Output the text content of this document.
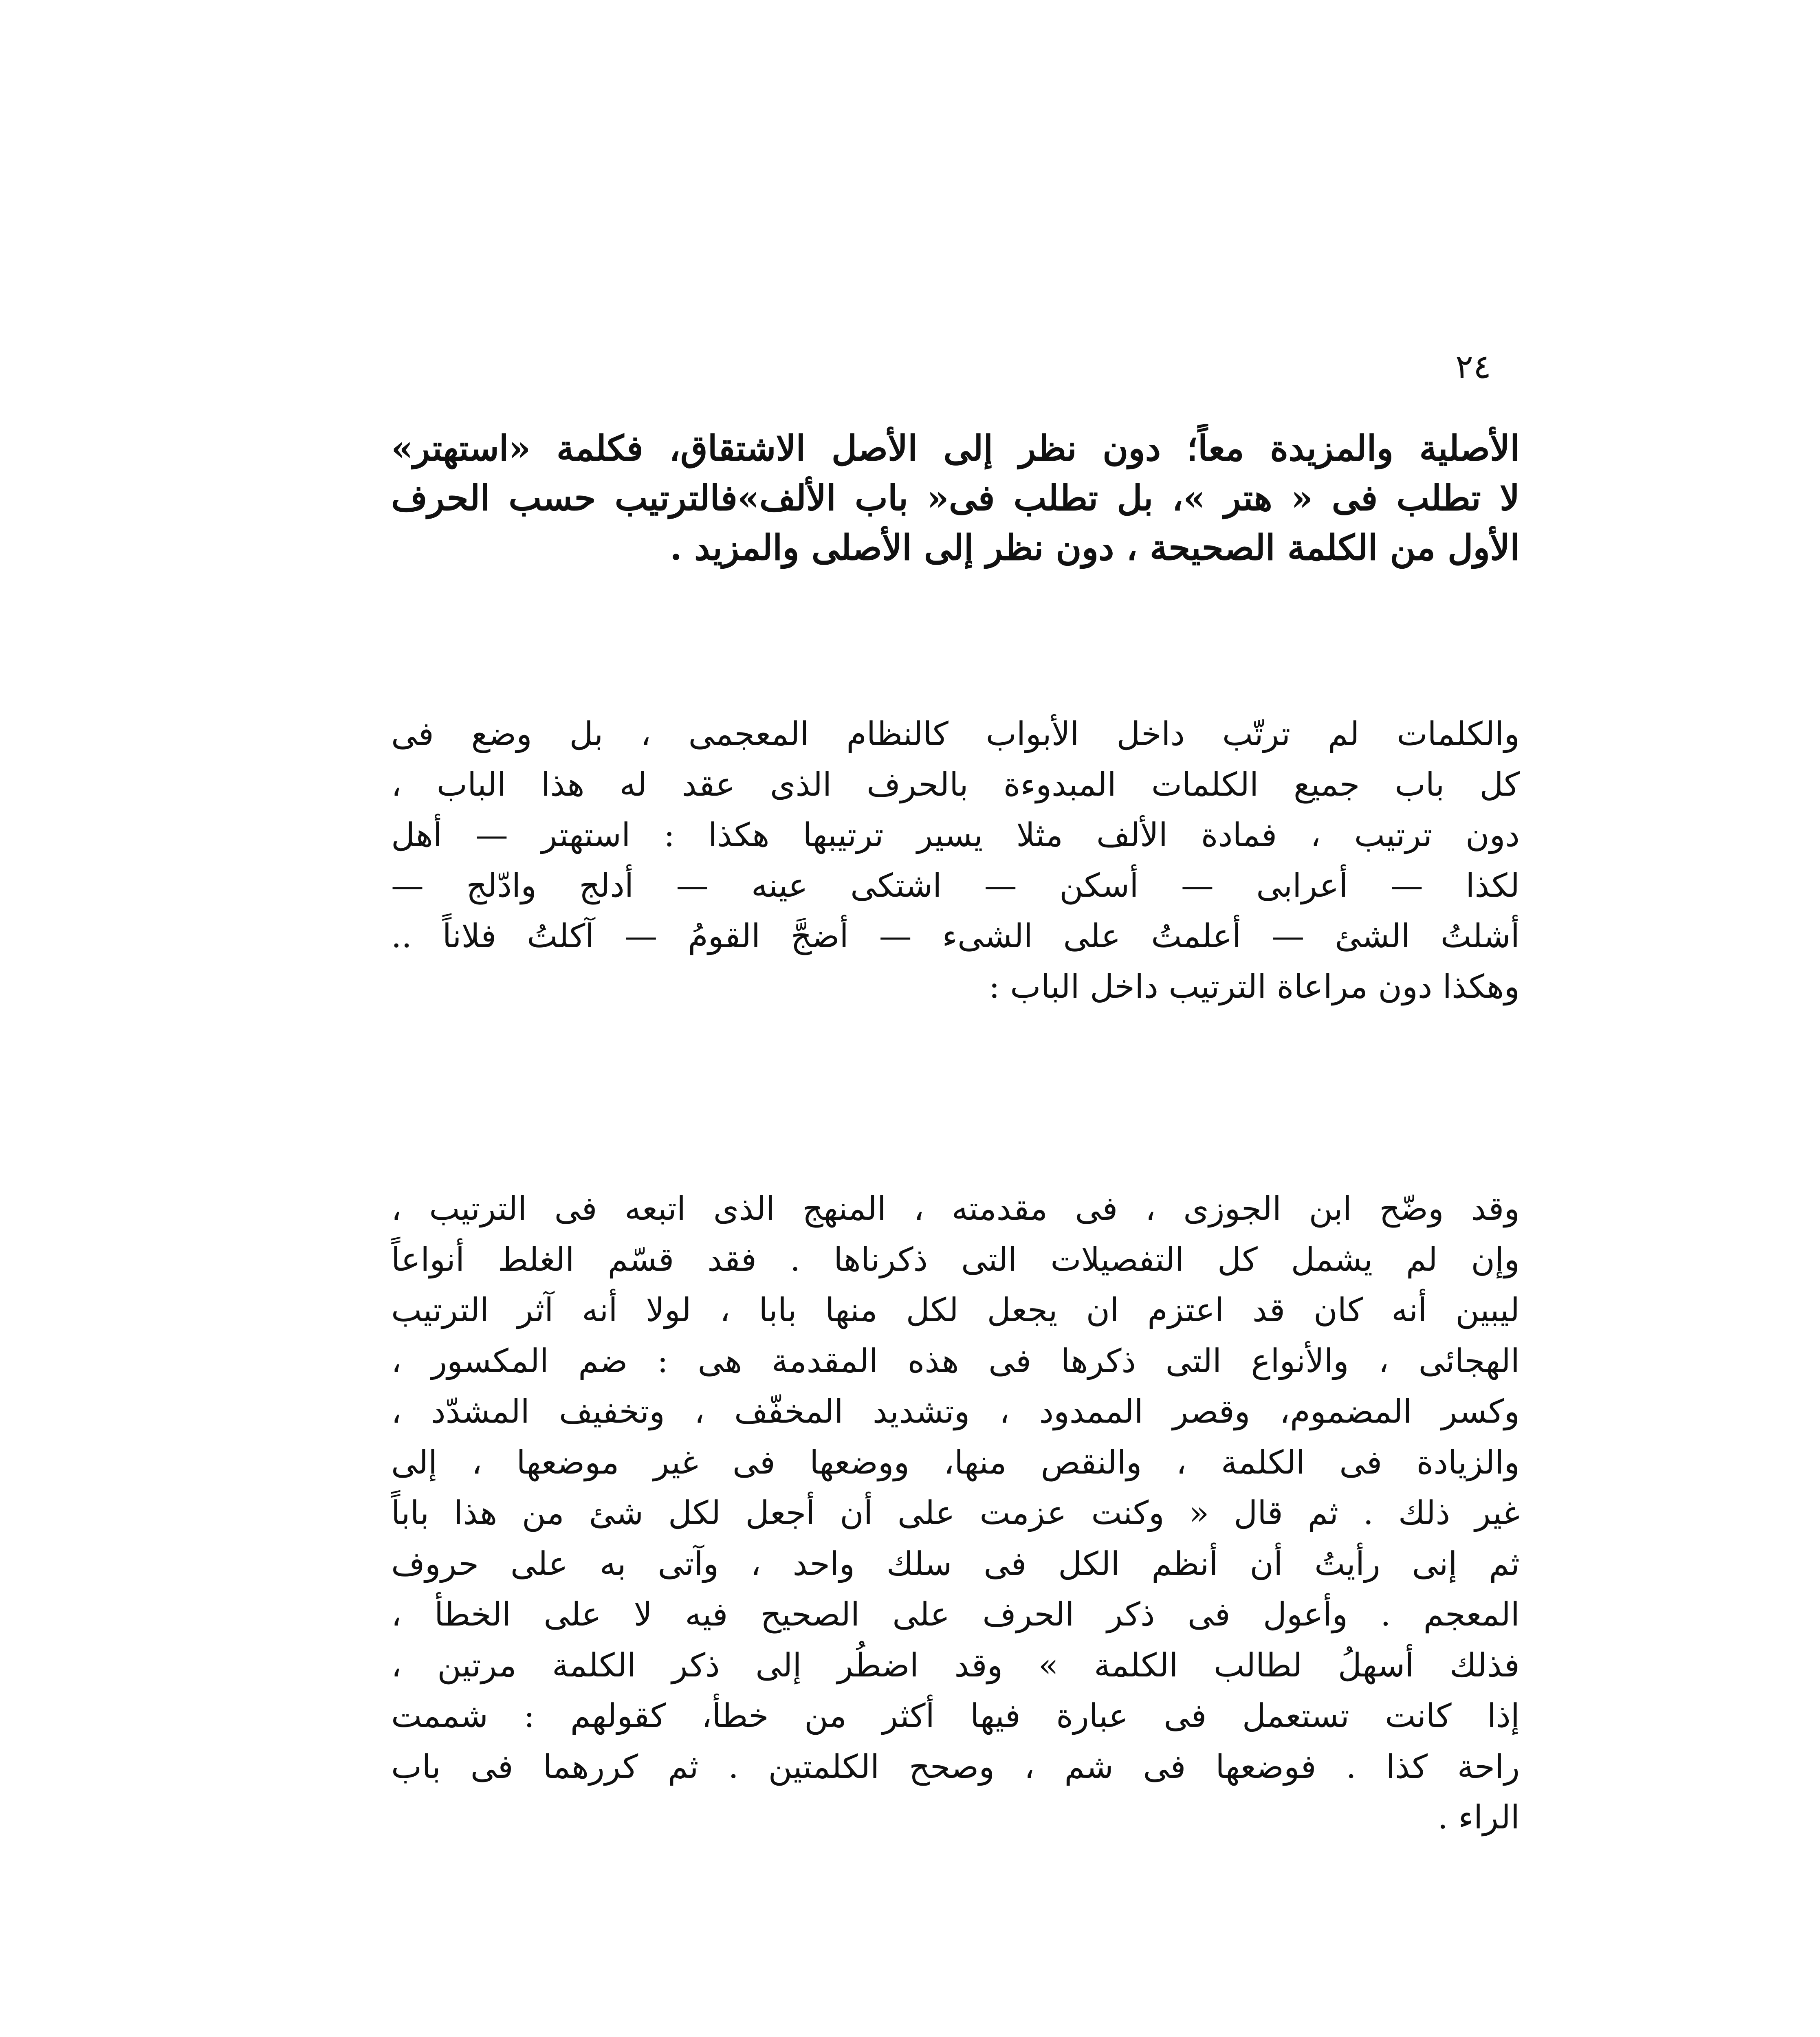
٢٤
الأصلية والمزيدة معاً؛ دون نظر إلى الأصل الاشتقاق، فكلمة «استهتر»
لا تطلب فى « هتر »، بل تطلب فى« باب الألف»فالترتيب حسب الحرف
الأول من الكلمة الصحيحة ، دون نظر إلى الأصلى والمزيد .
والكلمات لم ترتّب داخل الأبواب كالنظام المعجمى ، بل وضع فى
كل باب جميع الكلمات المبدوءة بالحرف الذى عقد له هذا الباب ،
دون ترتيب ، فمادة الألف مثلا يسير ترتيبها هكذا : استهتر — أهل
لكذا — أعرابى — أسكن — اشتكى عينه — أدلج وادّلج —
أشلتُ الشئ — أعلمتُ على الشىء — أضجَّ القومُ — آكلتُ فلاناً ..
وهكذا دون مراعاة الترتيب داخل الباب :
وقد وضّح ابن الجوزى ، فى مقدمته ، المنهج الذى اتبعه فى الترتيب ،
وإن لم يشمل كل التفصيلات التى ذكرناها . فقد قسّم الغلط أنواعاً
ليبين أنه كان قد اعتزم ان يجعل لكل منها بابا ، لولا أنه آثر الترتيب
الهجائى ، والأنواع التى ذكرها فى هذه المقدمة هى : ضم المكسور ،
وكسر المضموم، وقصر الممدود ، وتشديد المخفّف ، وتخفيف المشدّد ،
والزيادة فى الكلمة ، والنقص منها، ووضعها فى غير موضعها ، إلى
غير ذلك . ثم قال « وكنت عزمت على أن أجعل لكل شئ من هذا باباً
ثم إنى رأيتُ أن أنظم الكل فى سلك واحد ، وآتى به على حروف
المعجم . وأعول فى ذكر الحرف على الصحيح فيه لا على الخطأ ،
فذلك أسهلُ لطالب الكلمة » وقد اضطُر إلى ذكر الكلمة مرتين ،
إذا كانت تستعمل فى عبارة فيها أكثر من خطأ، كقولهم : شممت
راحة كذا . فوضعها فى شم ، وصحح الكلمتين . ثم كررهما فى باب
الراء .
